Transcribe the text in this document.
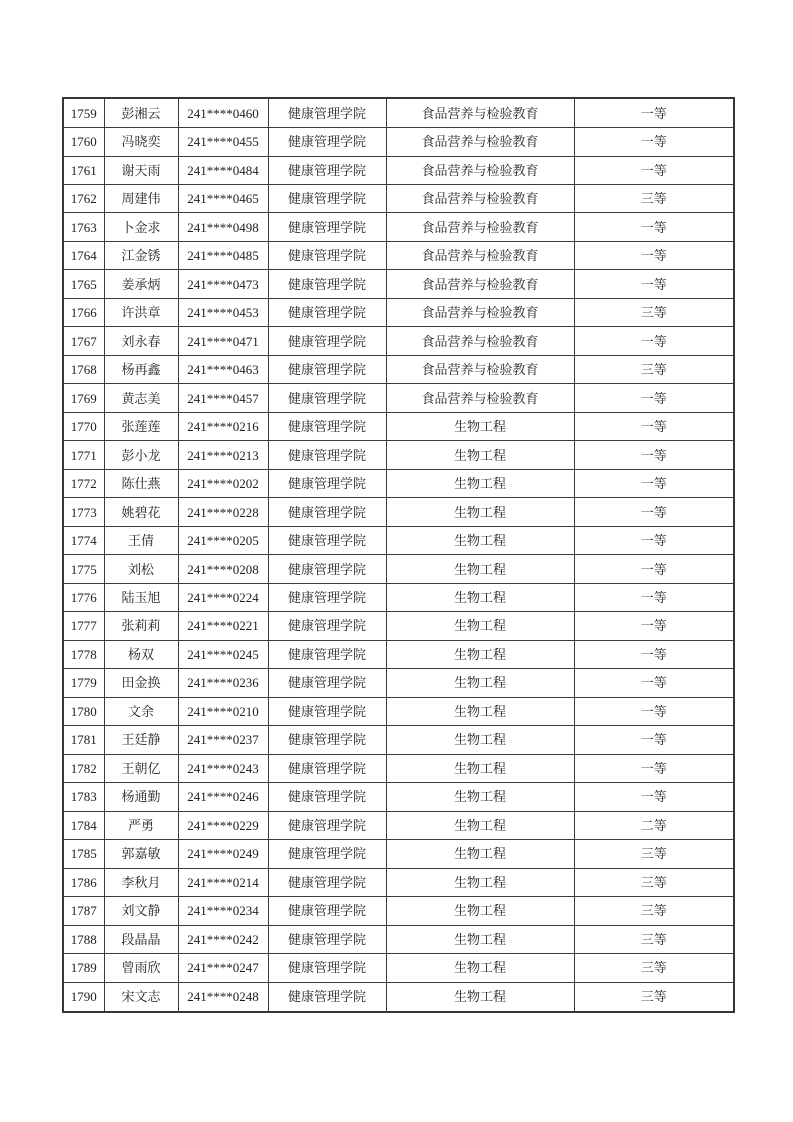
1759	彭湘云	241****0460	健康管理学院	食品营养与检验教育	一等
1760	冯晓奕	241****0455	健康管理学院	食品营养与检验教育	一等
1761	谢天雨	241****0484	健康管理学院	食品营养与检验教育	一等
1762	周建伟	241****0465	健康管理学院	食品营养与检验教育	三等
1763	卜金求	241****0498	健康管理学院	食品营养与检验教育	一等
1764	江金锈	241****0485	健康管理学院	食品营养与检验教育	一等
1765	姜承炳	241****0473	健康管理学院	食品营养与检验教育	一等
1766	许洪章	241****0453	健康管理学院	食品营养与检验教育	三等
1767	刘永春	241****0471	健康管理学院	食品营养与检验教育	一等
1768	杨再鑫	241****0463	健康管理学院	食品营养与检验教育	三等
1769	黄志美	241****0457	健康管理学院	食品营养与检验教育	一等
1770	张莲莲	241****0216	健康管理学院	生物工程	一等
1771	彭小龙	241****0213	健康管理学院	生物工程	一等
1772	陈仕燕	241****0202	健康管理学院	生物工程	一等
1773	姚碧花	241****0228	健康管理学院	生物工程	一等
1774	王倩	241****0205	健康管理学院	生物工程	一等
1775	刘松	241****0208	健康管理学院	生物工程	一等
1776	陆玉旭	241****0224	健康管理学院	生物工程	一等
1777	张莉莉	241****0221	健康管理学院	生物工程	一等
1778	杨双	241****0245	健康管理学院	生物工程	一等
1779	田金换	241****0236	健康管理学院	生物工程	一等
1780	文余	241****0210	健康管理学院	生物工程	一等
1781	王廷静	241****0237	健康管理学院	生物工程	一等
1782	王朝亿	241****0243	健康管理学院	生物工程	一等
1783	杨通勤	241****0246	健康管理学院	生物工程	一等
1784	严勇	241****0229	健康管理学院	生物工程	二等
1785	郭嘉敏	241****0249	健康管理学院	生物工程	三等
1786	李秋月	241****0214	健康管理学院	生物工程	三等
1787	刘文静	241****0234	健康管理学院	生物工程	三等
1788	段晶晶	241****0242	健康管理学院	生物工程	三等
1789	曾雨欣	241****0247	健康管理学院	生物工程	三等
1790	宋文志	241****0248	健康管理学院	生物工程	三等
